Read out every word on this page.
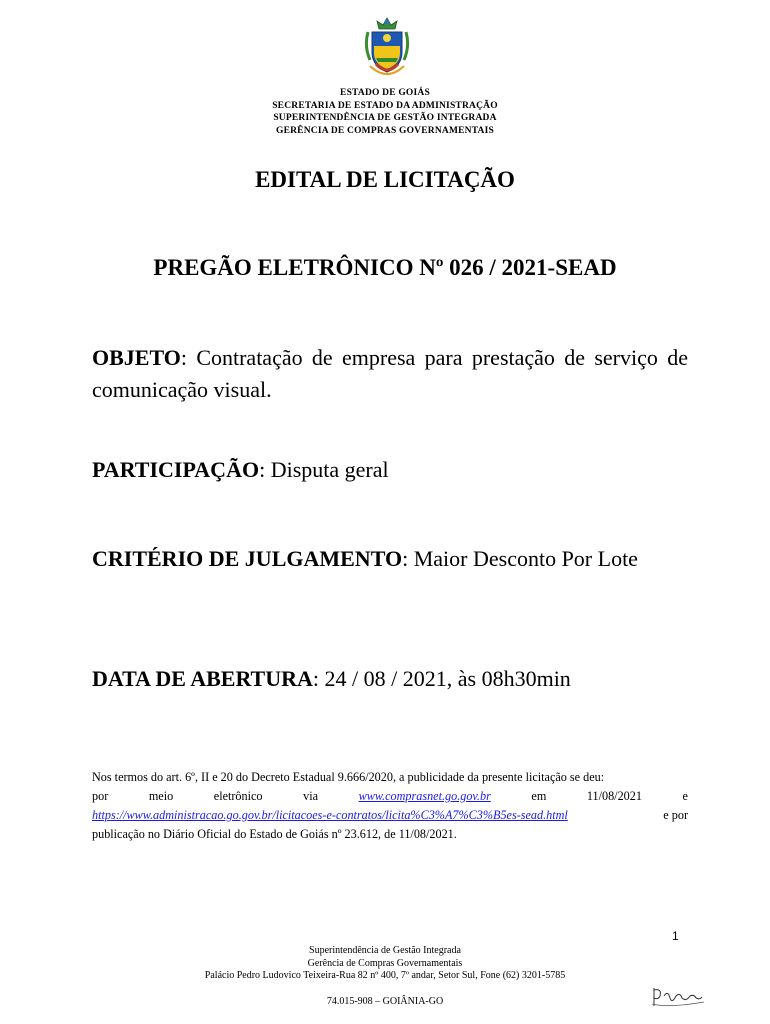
ESTADO DE GOIÁS
SECRETARIA DE ESTADO DA ADMINISTRAÇÃO
SUPERINTENDÊNCIA DE GESTÃO INTEGRADA
GERÊNCIA DE COMPRAS GOVERNAMENTAIS
EDITAL DE LICITAÇÃO
PREGÃO ELETRÔNICO Nº 026 / 2021-SEAD
OBJETO: Contratação de empresa para prestação de serviço de comunicação visual.
PARTICIPAÇÃO: Disputa geral
CRITÉRIO DE JULGAMENTO: Maior Desconto Por Lote
DATA DE ABERTURA: 24 / 08 / 2021, às 08h30min
Nos termos do art. 6º, II e 20 do Decreto Estadual 9.666/2020, a publicidade da presente licitação se deu:
por	meio	eletrônico	via	www.comprasnet.go.gov.br	em	11/08/2021	e
https://www.administracao.go.gov.br/licitacoes-e-contratos/licita%C3%A7%C3%B5es-sead.html	e por
publicação no Diário Oficial do Estado de Goiás nº 23.612, de 11/08/2021.
1
Superintendência de Gestão Integrada
Gerência de Compras Governamentais
Palácio Pedro Ludovico Teixeira-Rua 82 nº 400, 7º andar, Setor Sul, Fone (62) 3201-5785
74.015-908 – GOIÂNIA-GO
